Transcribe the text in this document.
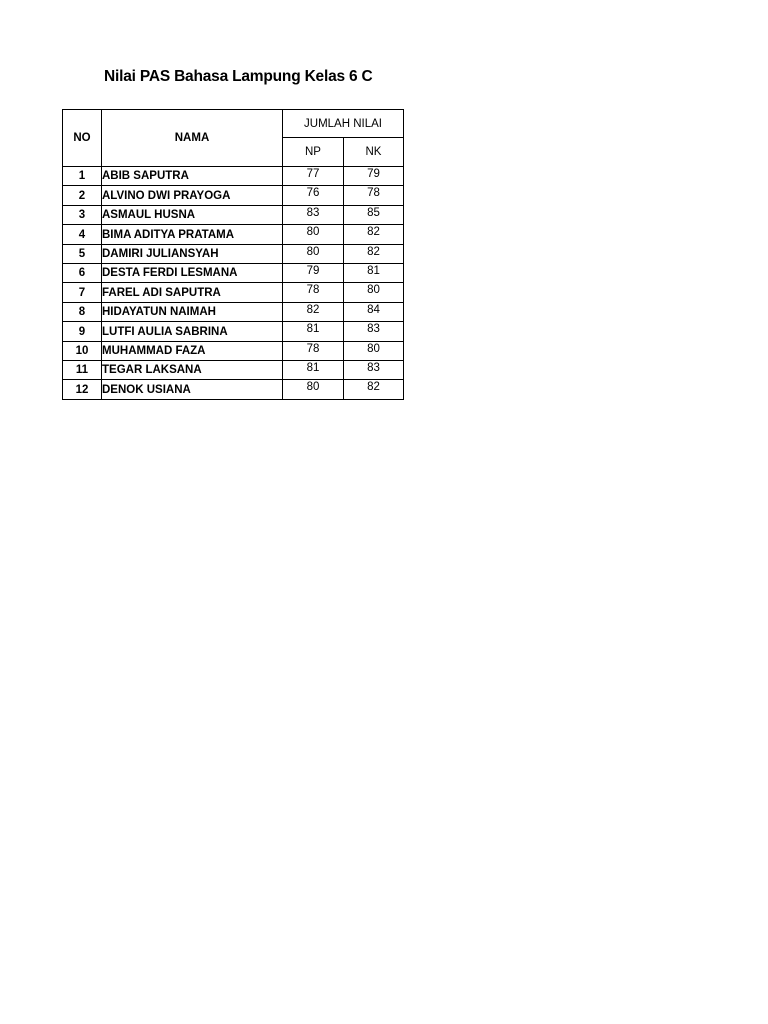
Nilai PAS Bahasa Lampung Kelas 6 C
NO	NAMA	JUMLAH NILAI	
		NP	NK
1	ABIB SAPUTRA	77	79
2	ALVINO DWI PRAYOGA	76	78
3	ASMAUL HUSNA	83	85
4	BIMA ADITYA PRATAMA	80	82
5	DAMIRI JULIANSYAH	80	82
6	DESTA FERDI LESMANA	79	81
7	FAREL ADI SAPUTRA	78	80
8	HIDAYATUN NAIMAH	82	84
9	LUTFI AULIA SABRINA	81	83
10	MUHAMMAD FAZA	78	80
11	TEGAR LAKSANA	81	83
12	DENOK USIANA	80	82
